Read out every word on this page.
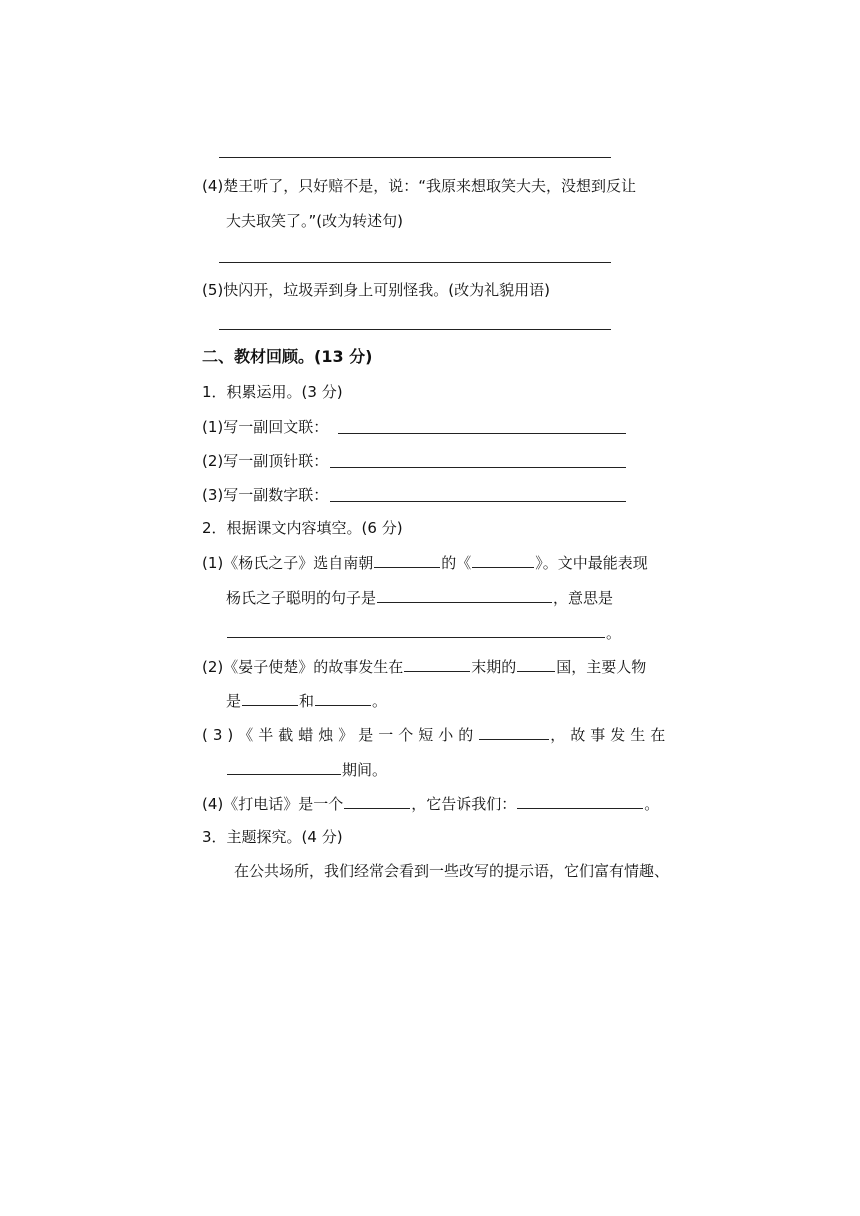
(4)楚王听了，只好赔不是，说：“我原来想取笑大夫，没想到反让
大夫取笑了。”(改为转述句)
(5)快闪开，垃圾弄到身上可别怪我。(改为礼貌用语)
二、教材回顾。(13 分)
1．积累运用。(3 分)
(1)写一副回文联：
(2)写一副顶针联：
(3)写一副数字联：
2．根据课文内容填空。(6 分)
(1)《杨氏之子》选自南朝	的《	》。文中最能表现
杨氏之子聪明的句子是	，意思是
。
(2)《晏子使楚》的故事发生在	末期的	国，主要人物
是	和	。
(3)《半截蜡烛》是一个短小的	，故事发生在
期间。
(4)《打电话》是一个	，它告诉我们：	。
3．主题探究。(4 分)
在公共场所，我们经常会看到一些改写的提示语，它们富有情趣、
